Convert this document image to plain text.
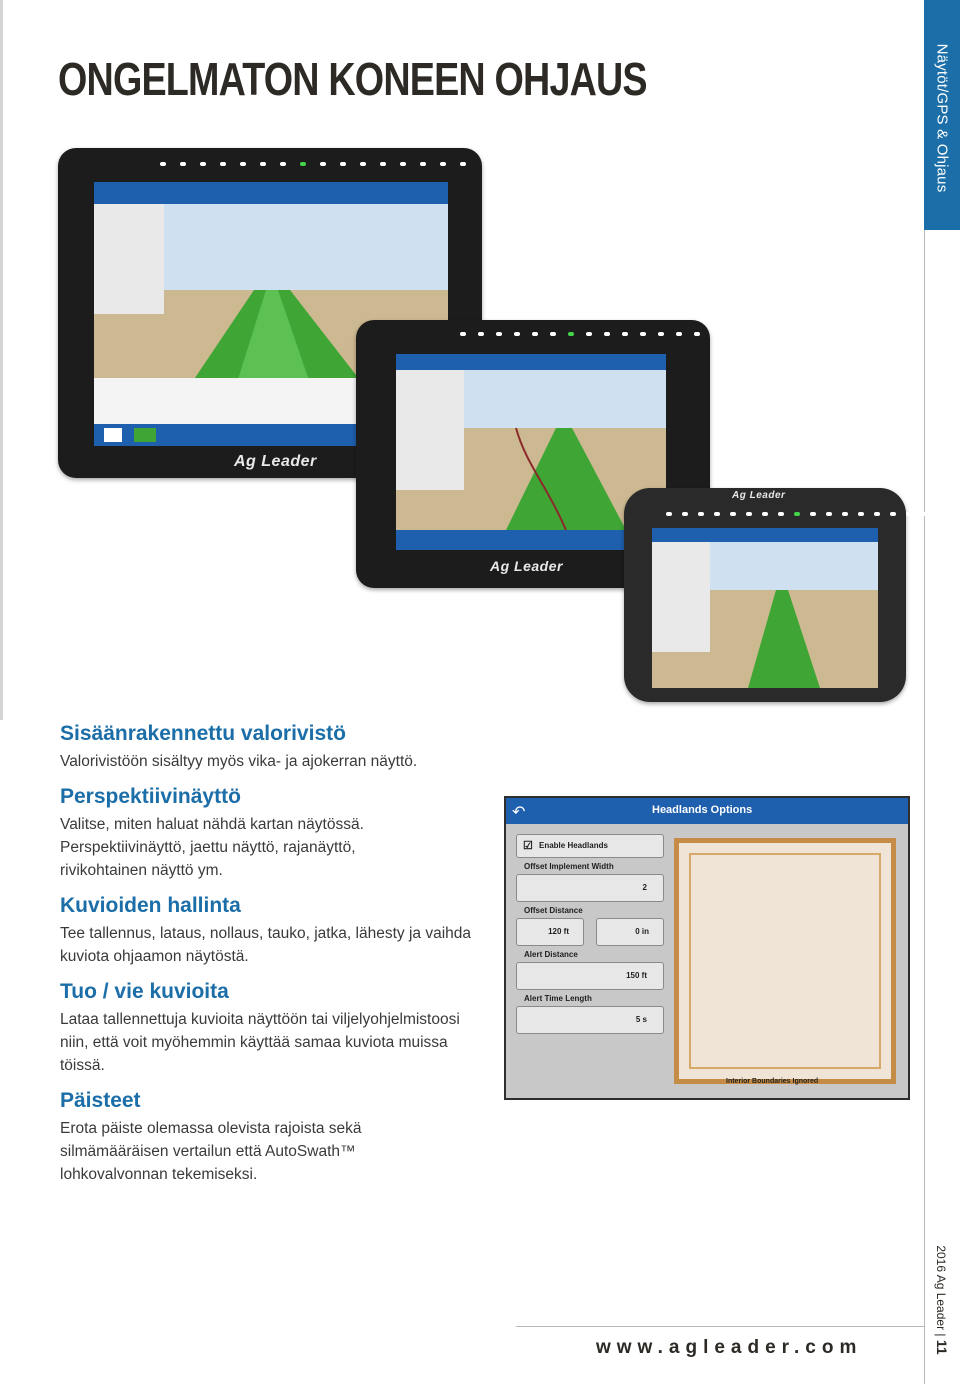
ONGELMATON KONEEN OHJAUS	Näytöt/GPS & Ohjaus
2016 Ag Leader | 11
Ag Leader
Ag Leader
Ag Leader
↶	Headlands Options
☑ Enable Headlands
Offset Implement Width
2
Offset Distance
120 ft	0 in
Alert Distance
150 ft
Alert Time Length
5 s
Interior Boundaries Ignored
Sisäänrakennettu valorivistö

Valorivistöön sisältyy myös vika- ja ajokerran näyttö.

Perspektiivinäyttö

Valitse, miten haluat nähdä kartan näytössä. Perspektiivinäyttö, jaettu näyttö, rajanäyttö, rivikohtainen näyttö ym.

Kuvioiden hallinta

Tee tallennus, lataus, nollaus, tauko, jatka, lähesty ja vaihda kuviota ohjaamon näytöstä.

Tuo / vie kuvioita

Lataa tallennettuja kuvioita näyttöön tai viljelyohjelmistoosi niin, että voit myöhemmin käyttää samaa kuviota muissa töissä.

Päisteet

Erota päiste olemassa olevista rajoista sekä silmämääräisen vertailun että AutoSwath™ lohkovalvonnan tekemiseksi.

www.agleader.com
